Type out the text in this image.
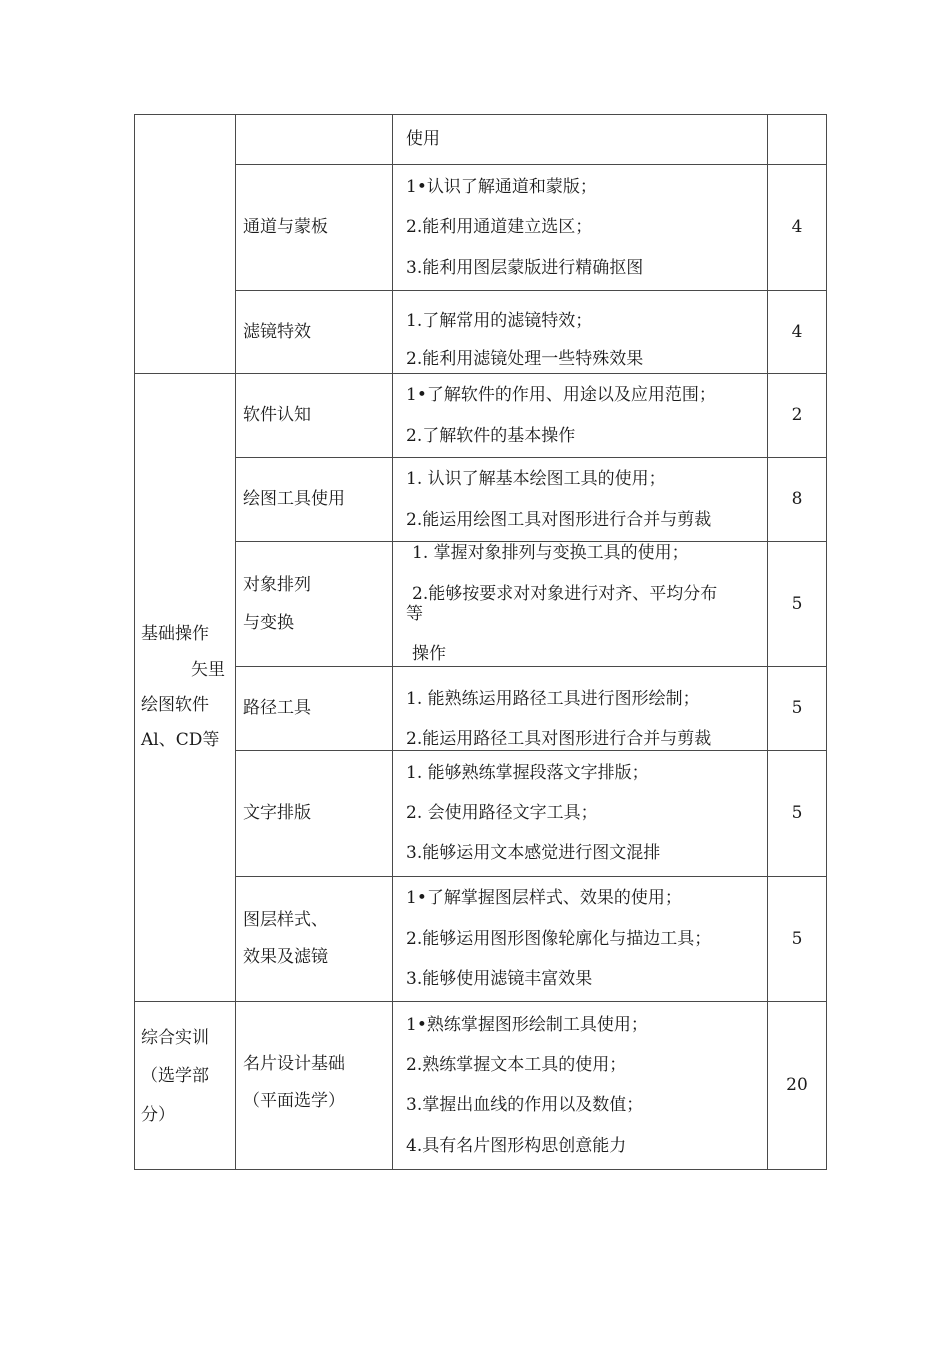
		使用	

	通道与蒙板	1•认识了解通道和蒙版；
2.能利用通道建立选区；
3.能利用图层蒙版进行精确抠图	4

	滤镜特效	1.了解常用的滤镜特效；
2.能利用滤镜处理一些特殊效果	4

基础操作
矢里
绘图软件
Al、CD等	软件认知	1•了解软件的作用、用途以及应用范围；
2.了解软件的基本操作	2

	绘图工具使用	1. 认识了解基本绘图工具的使用；
2.能运用绘图工具对图形进行合并与剪裁	8

	对象排列
与变换	1. 掌握对象排列与变换工具的使用；
2.能够按要求对对象进行对齐、平均分布
等
操作	5

	路径工具	1. 能熟练运用路径工具进行图形绘制；
2.能运用路径工具对图形进行合并与剪裁	5

	文字排版	1. 能够熟练掌握段落文字排版；
2. 会使用路径文字工具；
3.能够运用文本感觉进行图文混排	5

	图层样式、
效果及滤镜	1•了解掌握图层样式、效果的使用；
2.能够运用图形图像轮廓化与描边工具；
3.能够使用滤镜丰富效果	5

综合实训
（选学部
分）	名片设计基础
（平面选学）	1•熟练掌握图形绘制工具使用；
2.熟练掌握文本工具的使用；
3.掌握出血线的作用以及数值；
4.具有名片图形构思创意能力	20
